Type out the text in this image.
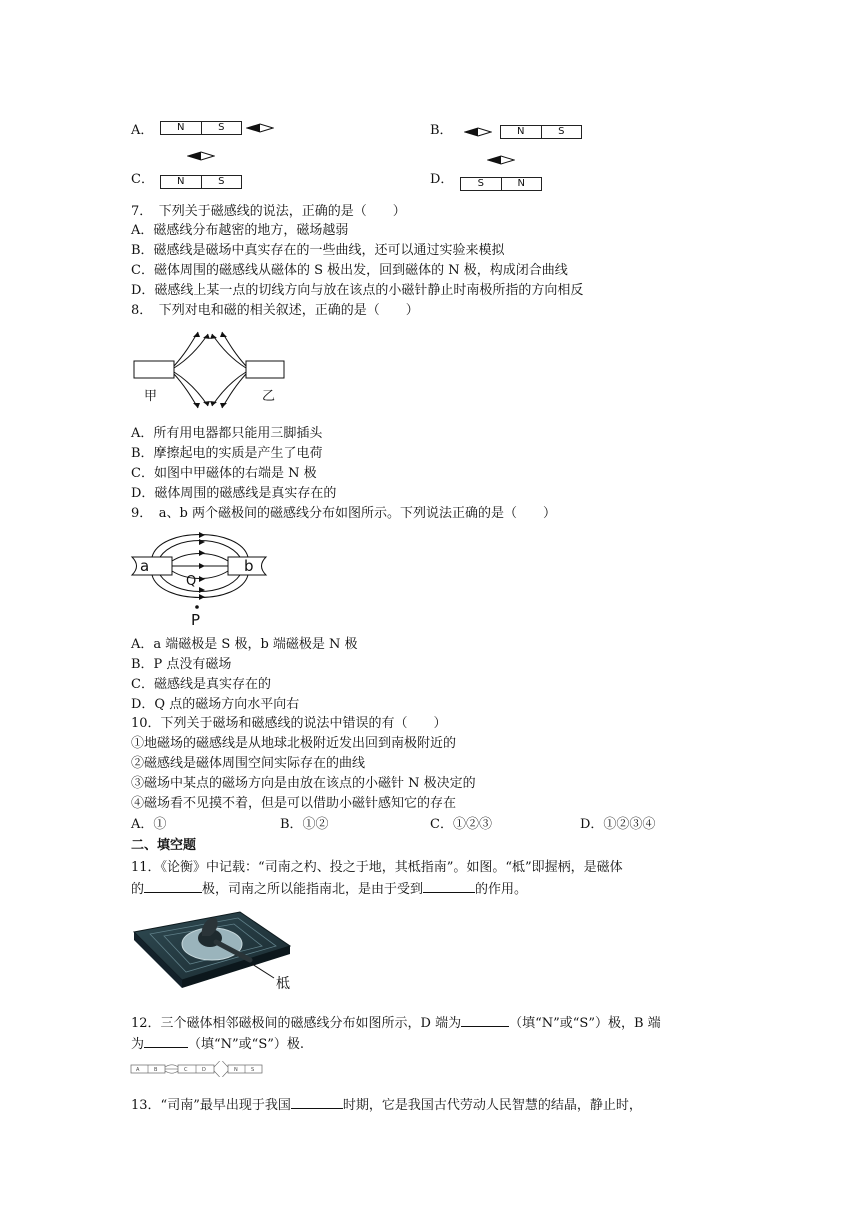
A．	N	S	B．	N	S
C．	N	S	D．	S	N
7．　下列关于磁感线的说法，正确的是（　　）
A．磁感线分布越密的地方，磁场越弱
B．磁感线是磁场中真实存在的一些曲线，还可以通过实验来模拟
C．磁体周围的磁感线从磁体的 S 极出发，回到磁体的 N 极，构成闭合曲线
D．磁感线上某一点的切线方向与放在该点的小磁针静止时南极所指的方向相反
8．　下列对电和磁的相关叙述，正确的是（　　）
甲	乙
A．所有用电器都只能用三脚插头
B．摩擦起电的实质是产生了电荷
C．如图中甲磁体的右端是 N 极
D．磁体周围的磁感线是真实存在的
9．　a、b 两个磁极间的磁感线分布如图所示。下列说法正确的是（　　）
a	b
Q
P
A．a 端磁极是 S 极，b 端磁极是 N 极
B．P 点没有磁场
C．磁感线是真实存在的
D．Q 点的磁场方向水平向右
10．下列关于磁场和磁感线的说法中错误的有（　　）
①地磁场的磁感线是从地球北极附近发出回到南极附近的
②磁感线是磁体周围空间实际存在的曲线
③磁场中某点的磁场方向是由放在该点的小磁针 N 极决定的
④磁场看不见摸不着，但是可以借助小磁针感知它的存在
A．①	B．①②	C．①②③	D．①②③④
二、填空题
11．《论衡》中记载：“司南之杓、投之于地，其柢指南”。如图。“柢”即握柄，是磁体
的	极，司南之所以能指南北，是由于受到	的作用。
柢
12．三个磁体相邻磁极间的磁感线分布如图所示，D 端为	（填“N”或“S”）极，B 端
为	（填“N”或“S”）极.
A	B	C	D	N	S
13．“司南”最早出现于我国	时期，它是我国古代劳动人民智慧的结晶，静止时，
